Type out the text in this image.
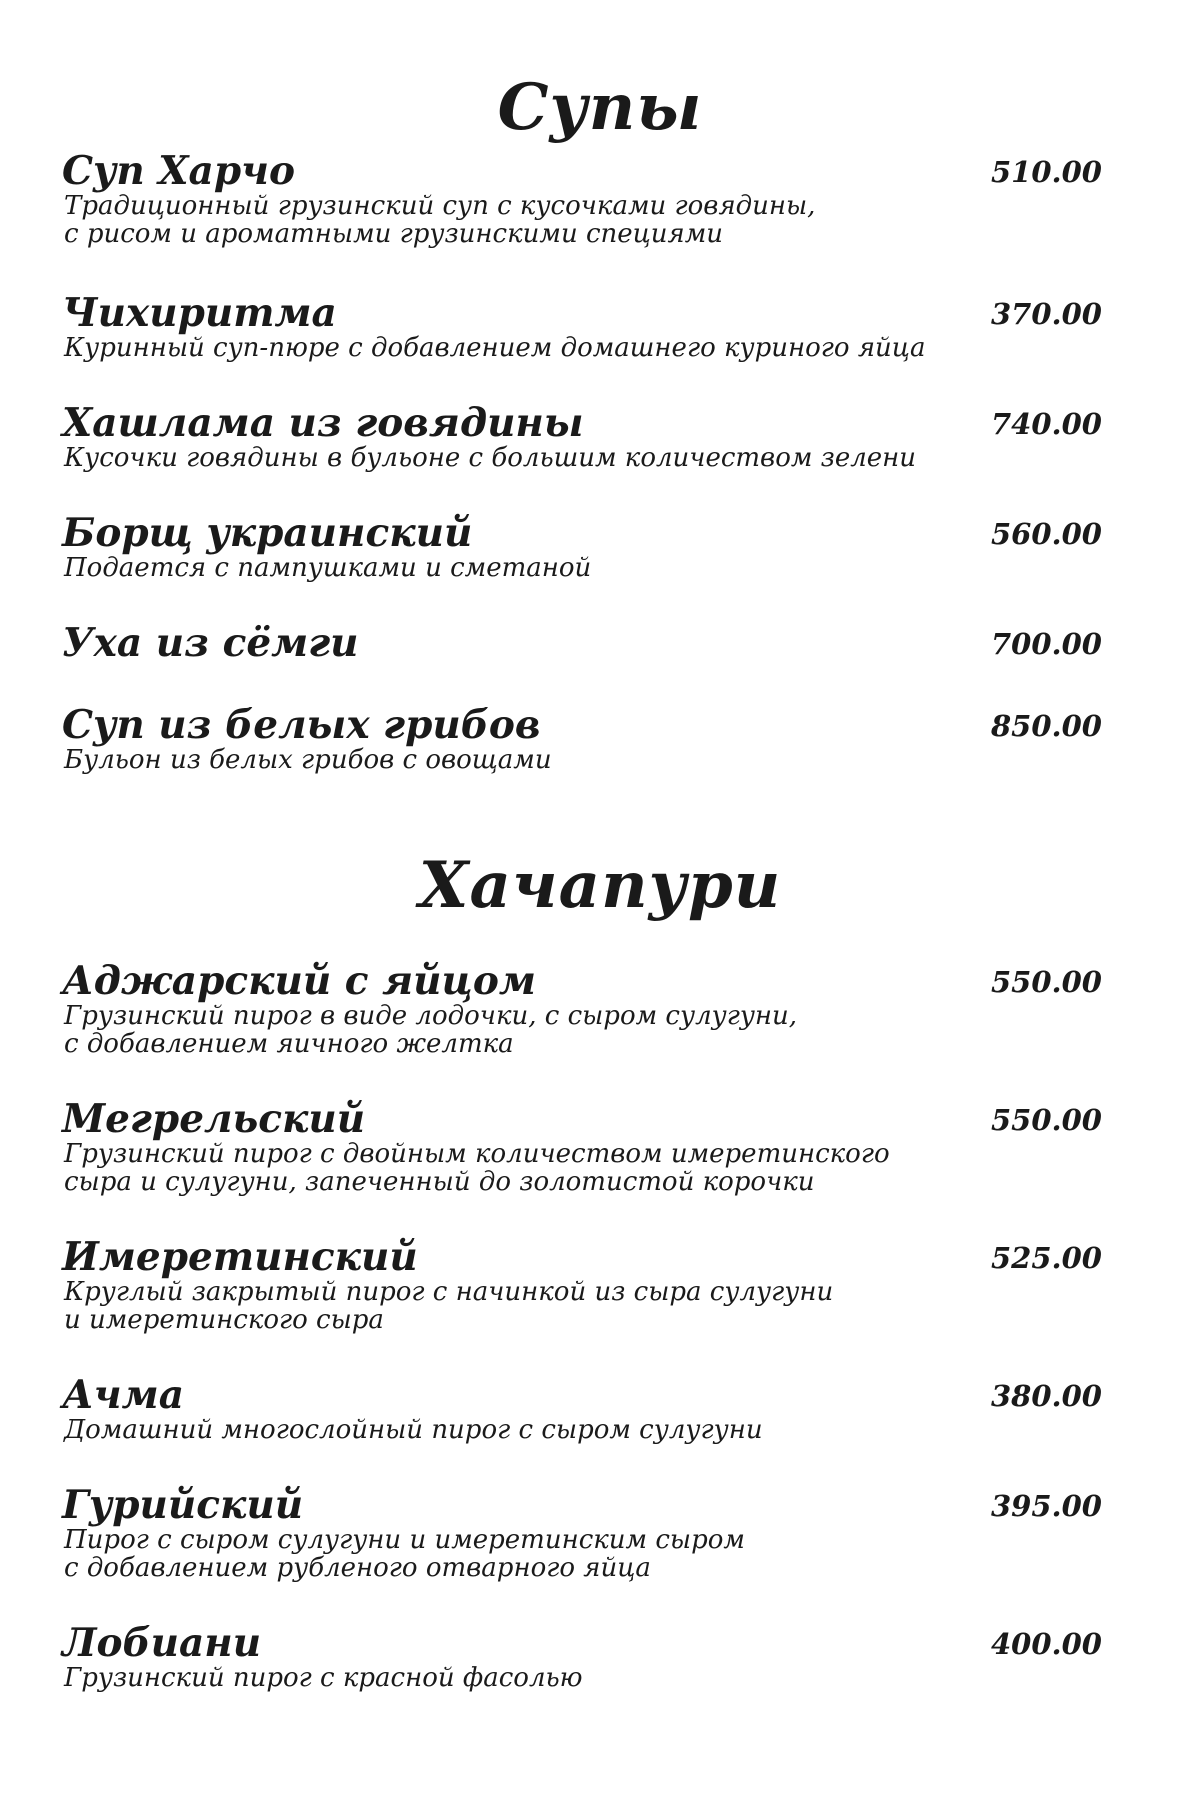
Супы
Суп Харчо	510.00
Традиционный грузинский суп с кусочками говядины,
с рисом и ароматными грузинскими специями
Чихиритма	370.00
Куринный суп-пюре с добавлением домашнего куриного яйца
Хашлама из говядины	740.00
Кусочки говядины в бульоне с большим количеством зелени
Борщ украинский	560.00
Подается с пампушками и сметаной
Уха из сёмги	700.00
Суп из белых грибов	850.00
Бульон из белых грибов с овощами
Хачапури
Аджарский с яйцом	550.00
Грузинский пирог в виде лодочки, с сыром сулугуни,
с добавлением яичного желтка
Мегрельский	550.00
Грузинский пирог с двойным количеством имеретинского
сыра и сулугуни, запеченный до золотистой корочки
Имеретинский	525.00
Круглый закрытый пирог с начинкой из сыра сулугуни
и имеретинского сыра
Ачма	380.00
Домашний многослойный пирог с сыром сулугуни
Гурийский	395.00
Пирог с сыром сулугуни и имеретинским сыром
с добавлением рубленого отварного яйца
Лобиани	400.00
Грузинский пирог с красной фасолью
